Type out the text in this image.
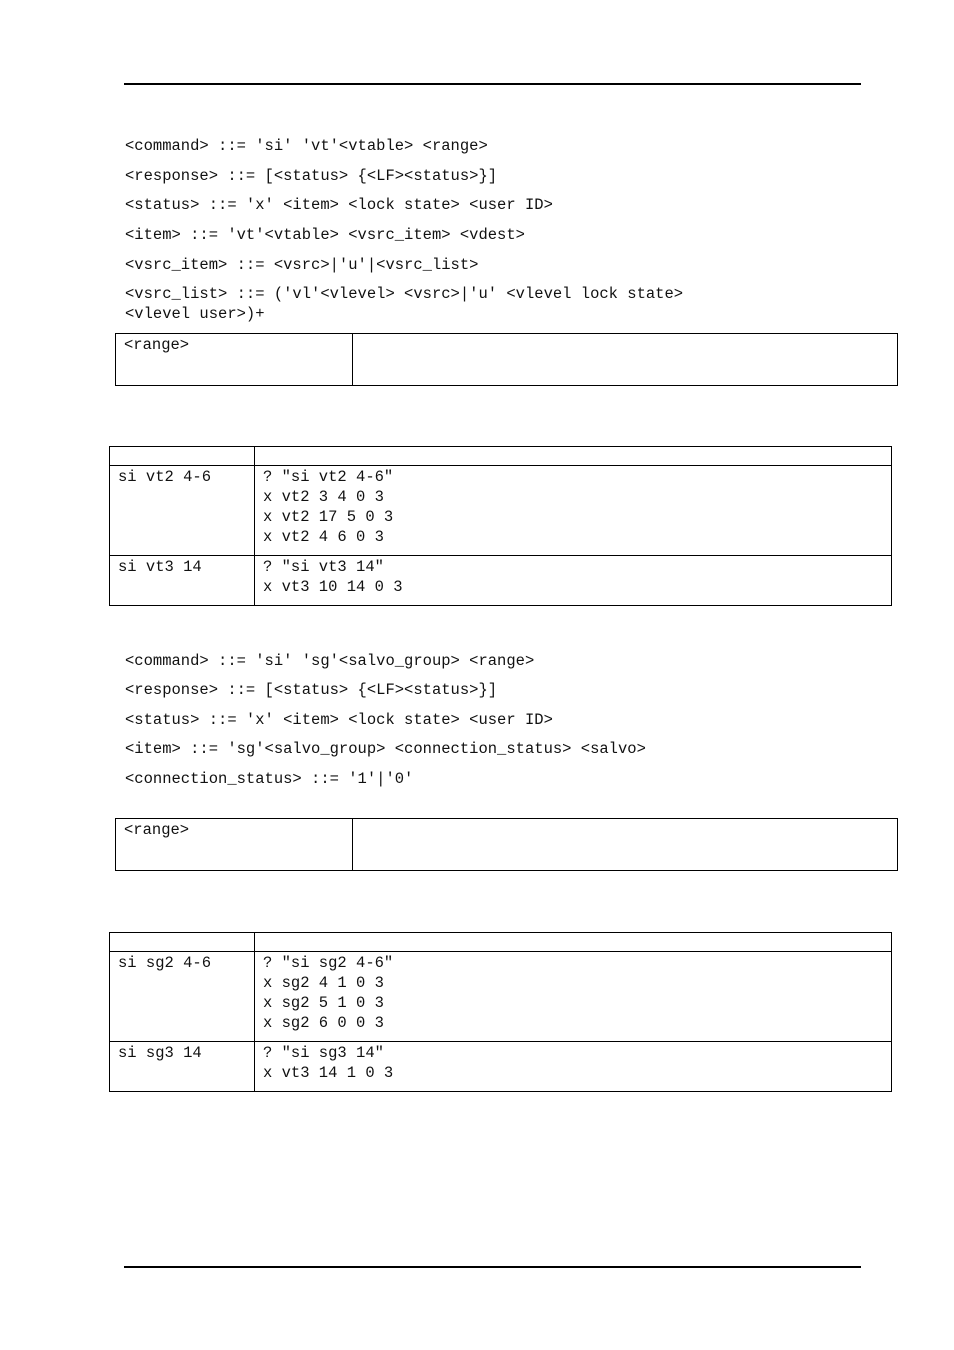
<command> ::= 'si' 'vt'<vtable> <range>
<response> ::= [<status> {<LF><status>}]
<status> ::= 'x' <item> <lock state> <user ID>
<item> ::= 'vt'<vtable> <vsrc_item> <vdest>
<vsrc_item> ::= <vsrc>|'u'|<vsrc_list>
<vsrc_list> ::= ('vl'<vlevel> <vsrc>|'u' <vlevel lock state>
<vlevel user>)+
<range>	

si vt2 4-6	? "si vt2 4-6"
x vt2 3 4 0 3
x vt2 17 5 0 3
x vt2 4 6 0 3
si vt3 14	? "si vt3 14"
x vt3 10 14 0 3
<command> ::= 'si' 'sg'<salvo_group> <range>
<response> ::= [<status> {<LF><status>}]
<status> ::= 'x' <item> <lock state> <user ID>
<item> ::= 'sg'<salvo_group> <connection_status> <salvo>
<connection_status> ::= '1'|'0'
<range>	

si sg2 4-6	? "si sg2 4-6"
x sg2 4 1 0 3
x sg2 5 1 0 3
x sg2 6 0 0 3
si sg3 14	? "si sg3 14"
x vt3 14 1 0 3
